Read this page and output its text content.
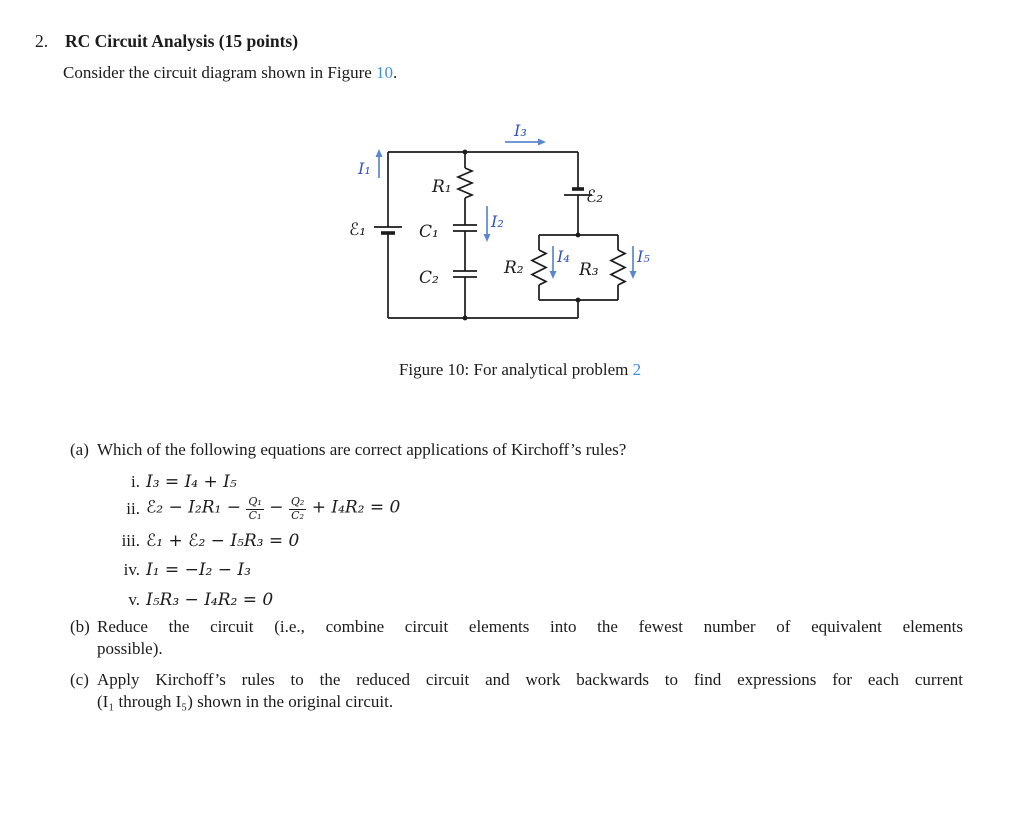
2. RC Circuit Analysis (15 points)
Consider the circuit diagram shown in Figure 10.
R₁
C₁
C₂
ℰ₁
ℰ₂
R₂	R₃
I₁
I₂
I₃
I₄	I₅
Figure 10: For analytical problem 2
(a) Which of the following equations are correct applications of Kirchoff’s rules?
i. I₃ = I₄ + I₅
ii. ℰ₂ − $I_2R_1 - \frac{\text{Q₁}}{\text{C₁}} - \frac{\text{Q₂}}{\text{C₂}} + I_4R_2 = 0$
iii. ℰ₁ + ℰ₂ − I₅R₃ = 0
iv. I₁ = −I₂ − I₃
v. I₅R₃ − I₄R₂ = 0
(b) Reduce the circuit (i.e., combine circuit elements into the fewest number of equivalent elements
possible).
(c) Apply Kirchoff’s rules to the reduced circuit and work backwards to find expressions for each current
(I₁ through I₅) shown in the original circuit.
